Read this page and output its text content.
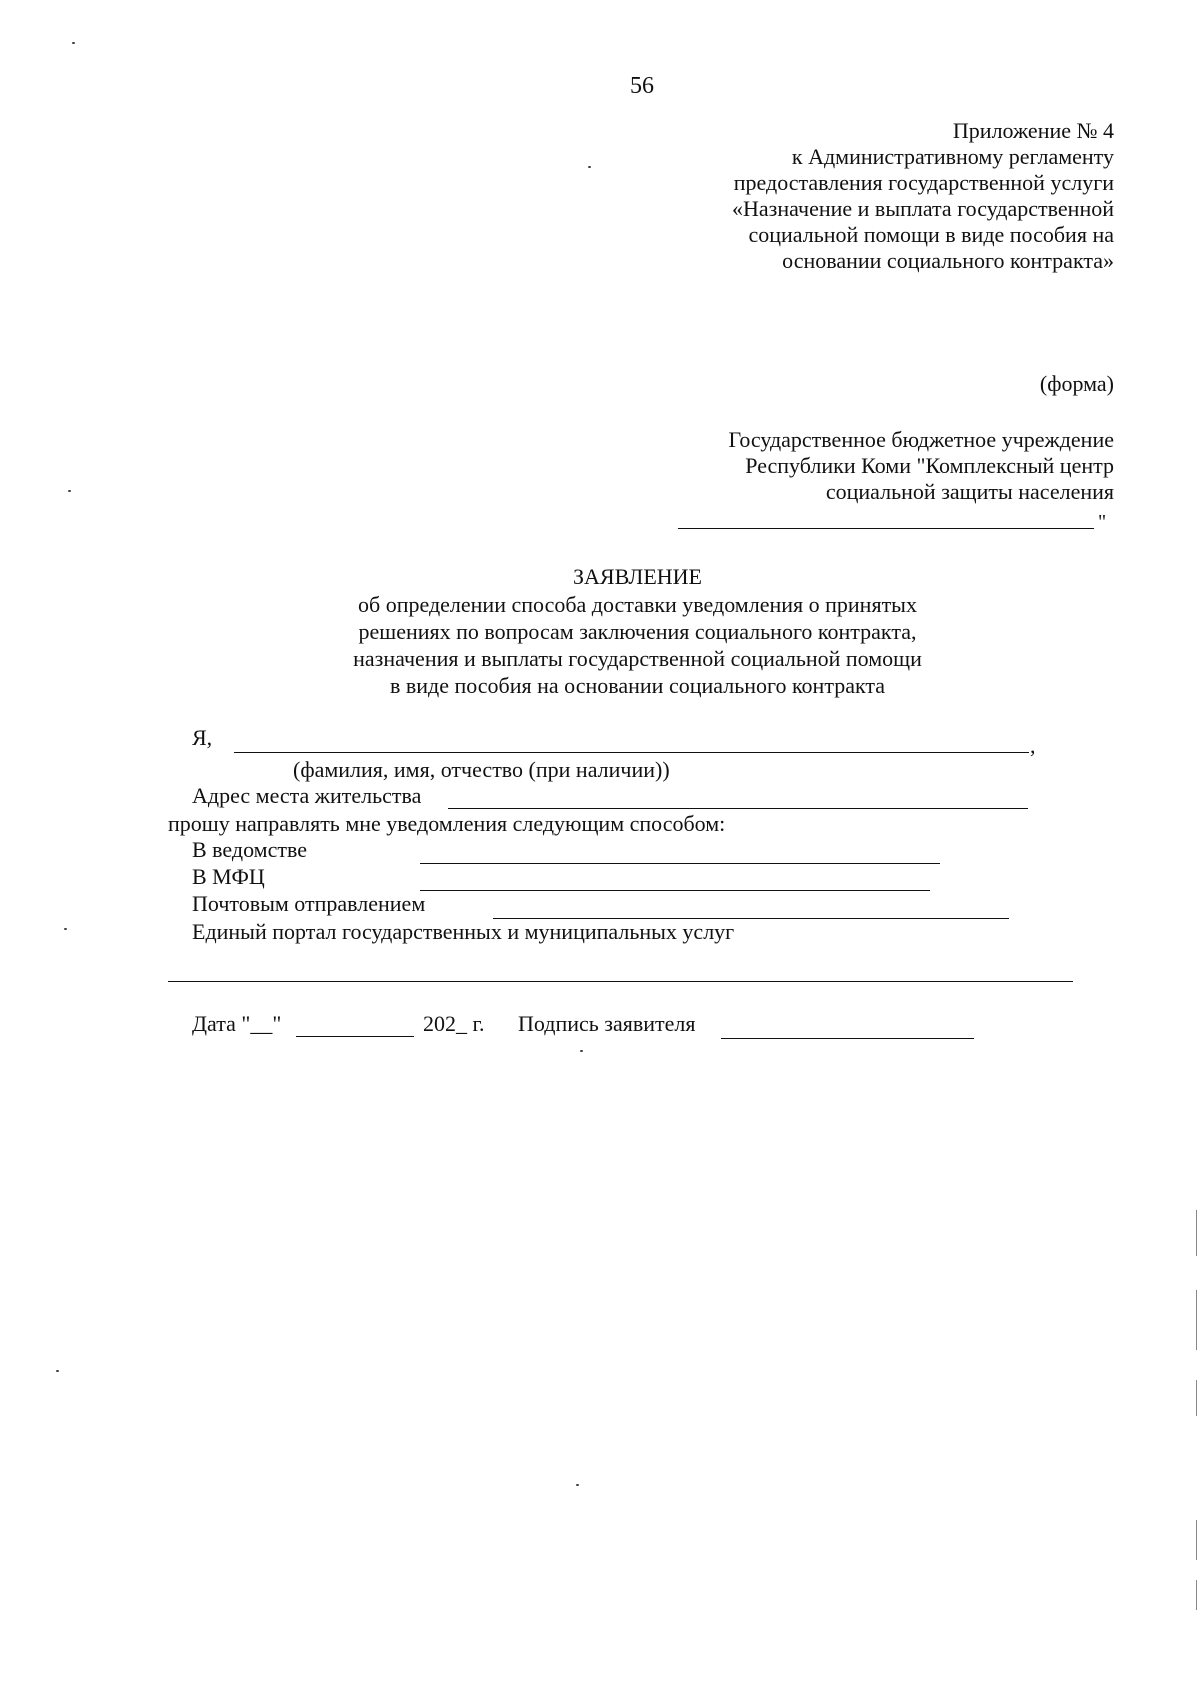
56
Приложение № 4
к Административному регламенту
предоставления государственной услуги
«Назначение и выплата государственной
социальной помощи в виде пособия на
основании социального контракта»
(форма)
Государственное бюджетное учреждение
Республики Коми "Комплексный центр
социальной защиты населения
"
ЗАЯВЛЕНИЕ
об определении способа доставки уведомления о принятых
решениях по вопросам заключения социального контракта,
назначения и выплаты государственной социальной помощи
в виде пособия на основании социального контракта
Я,	,
(фамилия, имя, отчество (при наличии))
Адрес места жительства
прошу направлять мне уведомления следующим способом:
В ведомстве
В МФЦ
Почтовым отправлением
Единый портал государственных и муниципальных услуг
Дата "__"	202_ г. Подпись заявителя
